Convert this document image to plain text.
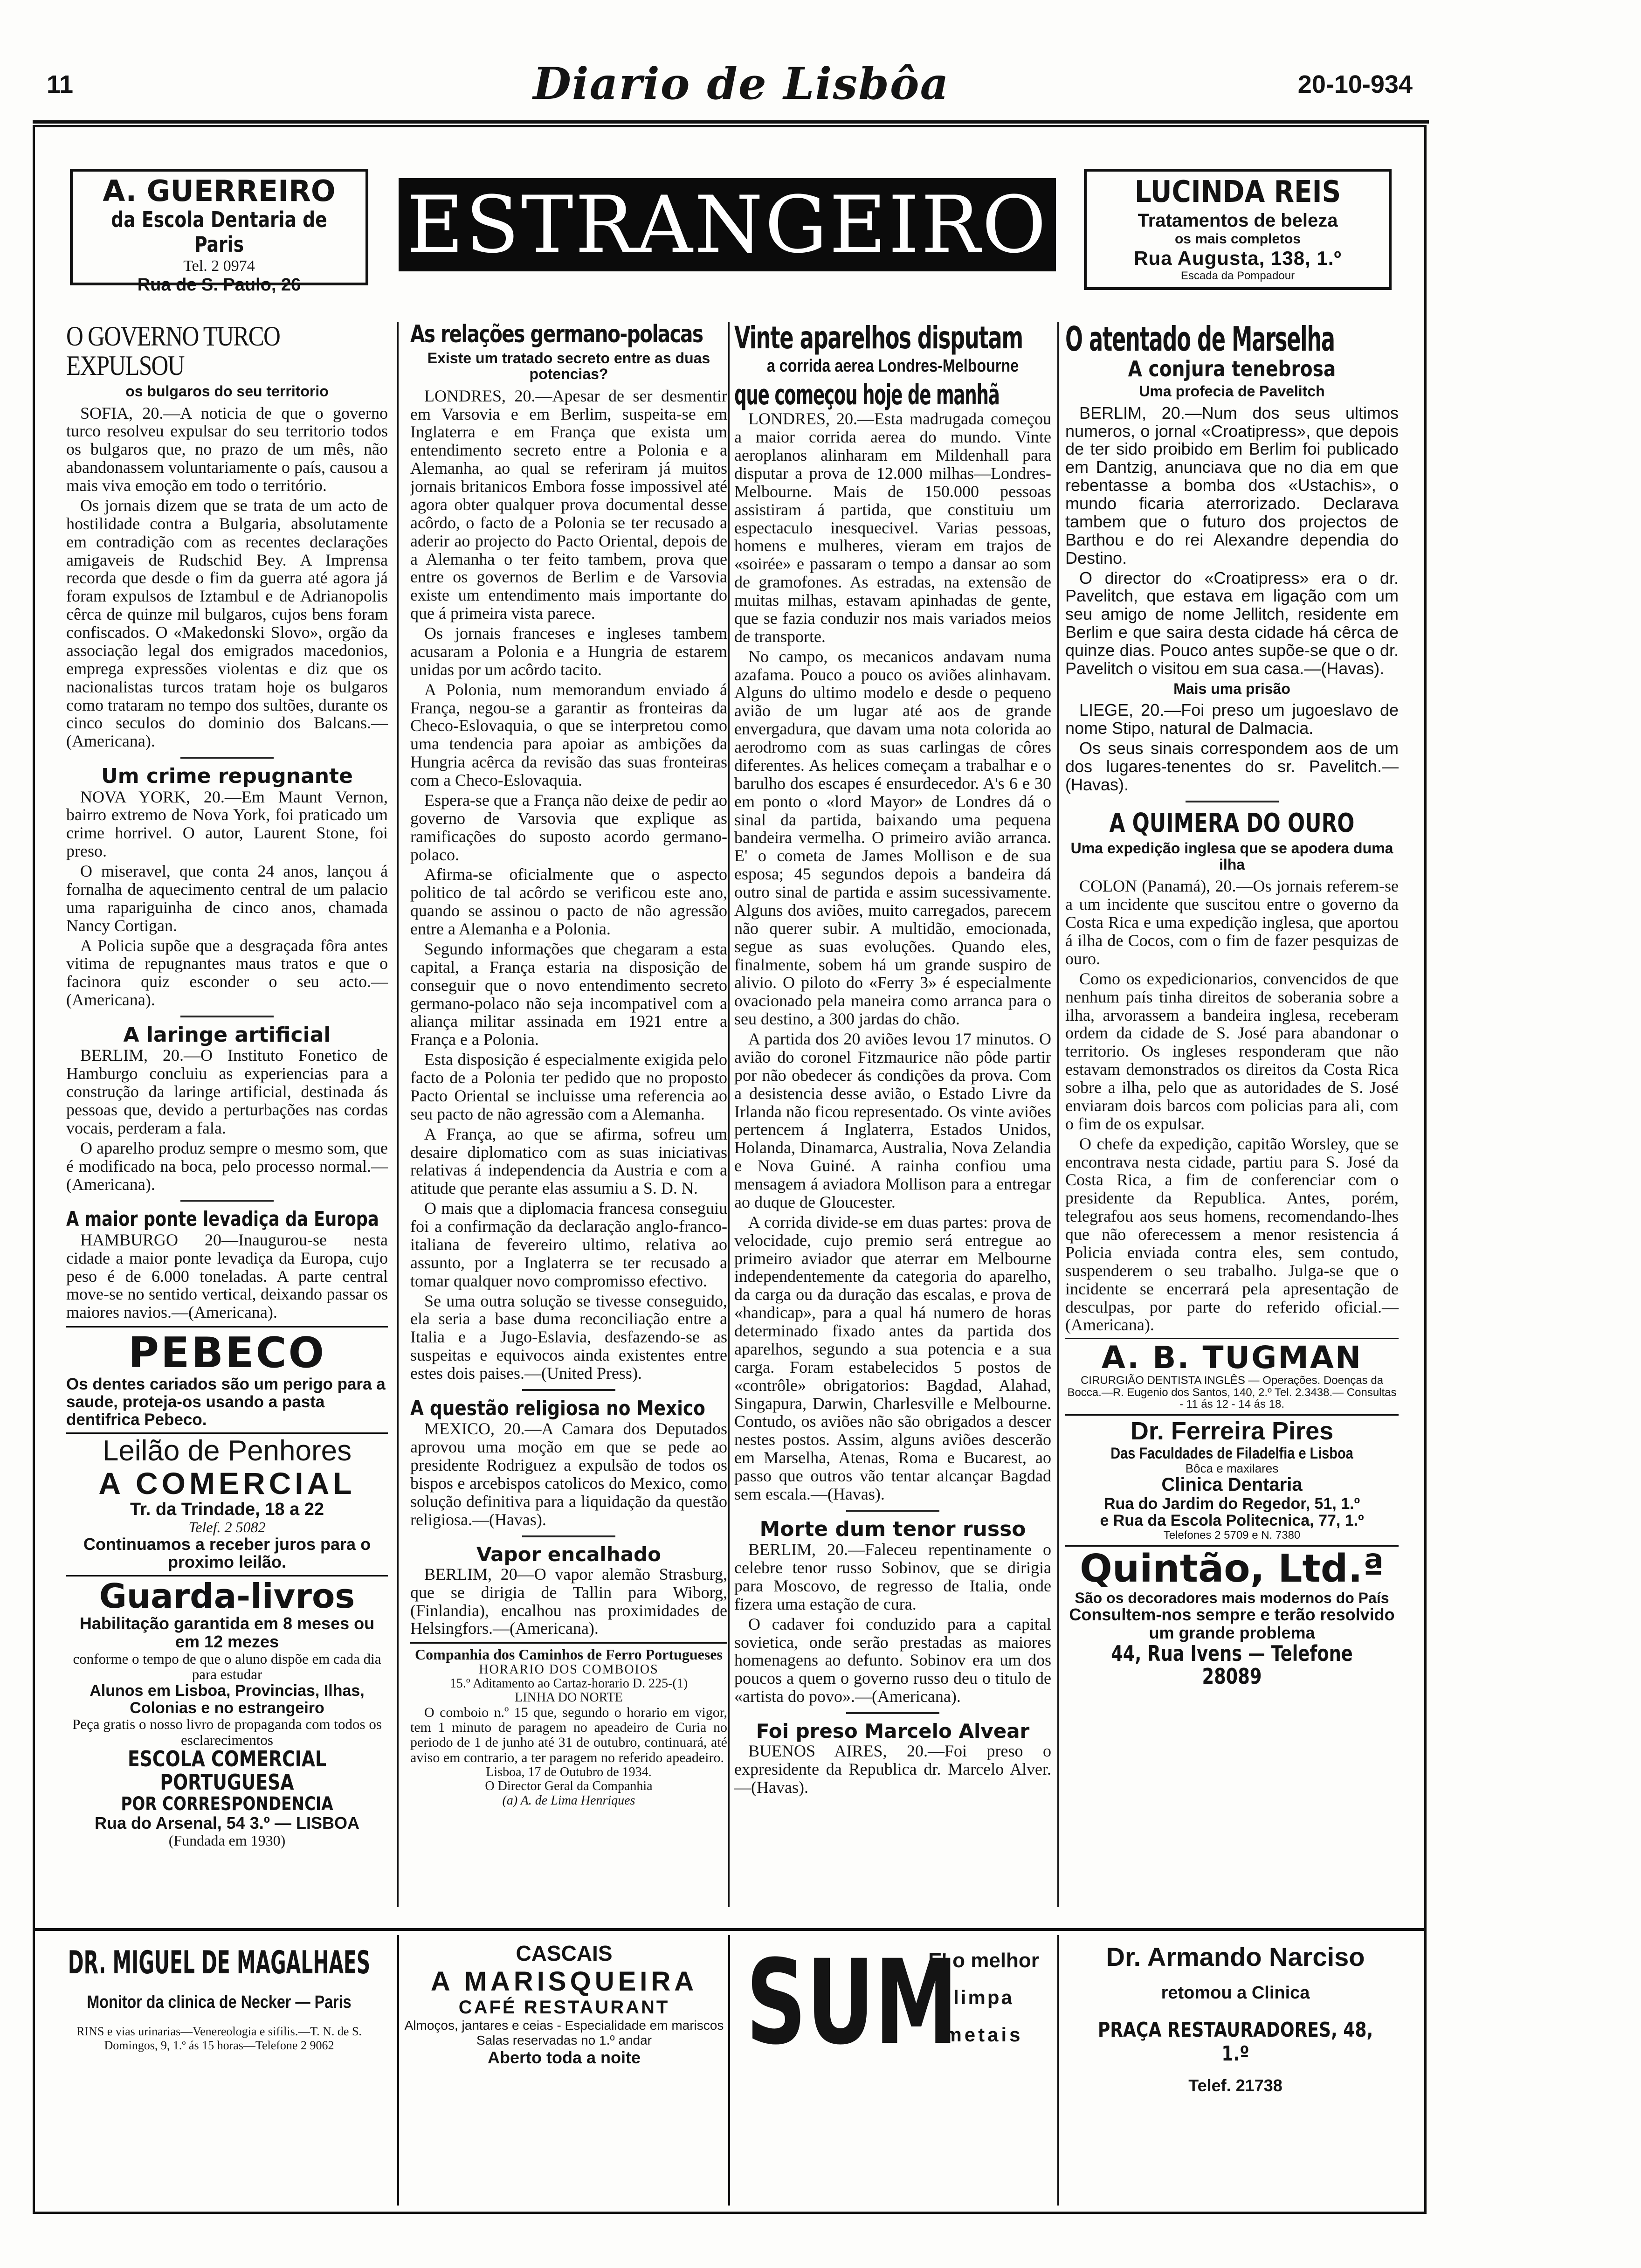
11	Diario de Lisbôa	20-10-934
A. GUERREIRO
da Escola Dentaria de Paris
Tel. 2 0974
Rua de S. Paulo, 26
ESTRANGEIRO	LUCINDA REIS
Tratamentos de beleza
os mais completos
Rua Augusta, 138, 1.º
Escada da Pompadour
O GOVERNO TURCO EXPULSOU
os bulgaros do seu territorio
SOFIA, 20.—A noticia de que o governo turco resolveu expulsar do seu territorio todos os bulgaros que, no prazo de um mês, não abandonassem voluntariamente o país, causou a mais viva emoção em todo o território.
Os jornais dizem que se trata de um acto de hostilidade contra a Bulgaria, absolutamente em contradição com as recentes declarações amigaveis de Rudschid Bey. A Imprensa recorda que desde o fim da guerra até agora já foram expulsos de Iztambul e de Adrianopolis cêrca de quinze mil bulgaros, cujos bens foram confiscados. O «Makedonski Slovo», orgão da associação legal dos emigrados macedonios, emprega expressões violentas e diz que os nacionalistas turcos tratam hoje os bulgaros como trataram no tempo dos sultões, durante os cinco seculos do dominio dos Balcans.—(Americana).
Um crime repugnante
NOVA YORK, 20.—Em Maunt Vernon, bairro extremo de Nova York, foi praticado um crime horrivel. O autor, Laurent Stone, foi preso.
O miseravel, que conta 24 anos, lançou á fornalha de aquecimento central de um palacio uma rapariguinha de cinco anos, chamada Nancy Cortigan.
A Policia supõe que a desgraçada fôra antes vitima de repugnantes maus tratos e que o facinora quiz esconder o seu acto.—(Americana).
A laringe artificial
BERLIM, 20.—O Instituto Fonetico de Hamburgo concluiu as experiencias para a construção da laringe artificial, destinada ás pessoas que, devido a perturbações nas cordas vocais, perderam a fala.
O aparelho produz sempre o mesmo som, que é modificado na boca, pelo processo normal.—(Americana).
A maior ponte levadiça da Europa
HAMBURGO 20—Inaugurou-se nesta cidade a maior ponte levadiça da Europa, cujo peso é de 6.000 toneladas. A parte central move-se no sentido vertical, deixando passar os maiores navios.—(Americana).
PEBECO
Os dentes cariados são um perigo para a saude, proteja-os usando a pasta dentifrica Pebeco.
Leilão de Penhores
A COMERCIAL
Tr. da Trindade, 18 a 22
Telef. 2 5082
Continuamos a receber juros para o proximo leilão.
Guarda-livros
Habilitação garantida em 8 meses ou em 12 mezes
conforme o tempo de que o aluno dispõe em cada dia para estudar
Alunos em Lisboa, Provincias, Ilhas, Colonias e no estrangeiro
Peça gratis o nosso livro de propaganda com todos os esclarecimentos
ESCOLA COMERCIAL PORTUGUESA
POR CORRESPONDENCIA
Rua do Arsenal, 54 3.º — LISBOA
(Fundada em 1930)
As relações germano-polacas
Existe um tratado secreto entre as duas potencias?
LONDRES, 20.—Apesar de ser desmentir em Varsovia e em Berlim, suspeita-se em Inglaterra e em França que exista um entendimento secreto entre a Polonia e a Alemanha, ao qual se referiram já muitos jornais britanicos Embora fosse impossivel até agora obter qualquer prova documental desse acôrdo, o facto de a Polonia se ter recusado a aderir ao projecto do Pacto Oriental, depois de a Alemanha o ter feito tambem, prova que entre os governos de Berlim e de Varsovia existe um entendimento mais importante do que á primeira vista parece.
Os jornais franceses e ingleses tambem acusaram a Polonia e a Hungria de estarem unidas por um acôrdo tacito.
A Polonia, num memorandum enviado á França, negou-se a garantir as fronteiras da Checo-Eslovaquia, o que se interpretou como uma tendencia para apoiar as ambições da Hungria acêrca da revisão das suas fronteiras com a Checo-Eslovaquia.
Espera-se que a França não deixe de pedir ao governo de Varsovia que explique as ramificações do suposto acordo germano-polaco.
Afirma-se oficialmente que o aspecto politico de tal acôrdo se verificou este ano, quando se assinou o pacto de não agressão entre a Alemanha e a Polonia.
Segundo informações que chegaram a esta capital, a França estaria na disposição de conseguir que o novo entendimento secreto germano-polaco não seja incompativel com a aliança militar assinada em 1921 entre a França e a Polonia.
Esta disposição é especialmente exigida pelo facto de a Polonia ter pedido que no proposto Pacto Oriental se incluisse uma referencia ao seu pacto de não agressão com a Alemanha.
A França, ao que se afirma, sofreu um desaire diplomatico com as suas iniciativas relativas á independencia da Austria e com a atitude que perante elas assumiu a S. D. N.
O mais que a diplomacia francesa conseguiu foi a confirmação da declaração anglo-franco-italiana de fevereiro ultimo, relativa ao assunto, por a Inglaterra se ter recusado a tomar qualquer novo compromisso efectivo.
Se uma outra solução se tivesse conseguido, ela seria a base duma reconciliação entre a Italia e a Jugo-Eslavia, desfazendo-se as suspeitas e equivocos ainda existentes entre estes dois paises.—(United Press).
A questão religiosa no Mexico
MEXICO, 20.—A Camara dos Deputados aprovou uma moção em que se pede ao presidente Rodriguez a expulsão de todos os bispos e arcebispos catolicos do Mexico, como solução definitiva para a liquidação da questão religiosa.—(Havas).
Vapor encalhado
BERLIM, 20—O vapor alemão Strasburg, que se dirigia de Tallin para Wiborg, (Finlandia), encalhou nas proximidades de Helsingfors.—(Americana).
Companhia dos Caminhos de Ferro Portugueses
HORARIO DOS COMBOIOS
15.º Aditamento ao Cartaz-horario D. 225-(1)
LINHA DO NORTE
O comboio n.º 15 que, segundo o horario em vigor, tem 1 minuto de paragem no apeadeiro de Curia no periodo de 1 de junho até 31 de outubro, continuará, até aviso em contrario, a ter paragem no referido apeadeiro.
Lisboa, 17 de Outubro de 1934.
O Director Geral da Companhia
(a) A. de Lima Henriques
Vinte aparelhos disputam
a corrida aerea Londres-Melbourne
que começou hoje de manhã
LONDRES, 20.—Esta madrugada começou a maior corrida aerea do mundo. Vinte aeroplanos alinharam em Mildenhall para disputar a prova de 12.000 milhas—Londres-Melbourne. Mais de 150.000 pessoas assistiram á partida, que constituiu um espectaculo inesquecivel. Varias pessoas, homens e mulheres, vieram em trajos de «soirée» e passaram o tempo a dansar ao som de gramofones. As estradas, na extensão de muitas milhas, estavam apinhadas de gente, que se fazia conduzir nos mais variados meios de transporte.
No campo, os mecanicos andavam numa azafama. Pouco a pouco os aviões alinhavam. Alguns do ultimo modelo e desde o pequeno avião de um lugar até aos de grande envergadura, que davam uma nota colorida ao aerodromo com as suas carlingas de côres diferentes. As helices começam a trabalhar e o barulho dos escapes é ensurdecedor. A's 6 e 30 em ponto o «lord Mayor» de Londres dá o sinal da partida, baixando uma pequena bandeira vermelha. O primeiro avião arranca. E' o cometa de James Mollison e de sua esposa; 45 segundos depois a bandeira dá outro sinal de partida e assim sucessivamente. Alguns dos aviões, muito carregados, parecem não querer subir. A multidão, emocionada, segue as suas evoluções. Quando eles, finalmente, sobem há um grande suspiro de alivio. O piloto do «Ferry 3» é especialmente ovacionado pela maneira como arranca para o seu destino, a 300 jardas do chão.
A partida dos 20 aviões levou 17 minutos. O avião do coronel Fitzmaurice não pôde partir por não obedecer ás condições da prova. Com a desistencia desse avião, o Estado Livre da Irlanda não ficou representado. Os vinte aviões pertencem á Inglaterra, Estados Unidos, Holanda, Dinamarca, Australia, Nova Zelandia e Nova Guiné. A rainha confiou uma mensagem á aviadora Mollison para a entregar ao duque de Gloucester.
A corrida divide-se em duas partes: prova de velocidade, cujo premio será entregue ao primeiro aviador que aterrar em Melbourne independentemente da categoria do aparelho, da carga ou da duração das escalas, e prova de «handicap», para a qual há numero de horas determinado fixado antes da partida dos aparelhos, segundo a sua potencia e a sua carga. Foram estabelecidos 5 postos de «contrôle» obrigatorios: Bagdad, Alahad, Singapura, Darwin, Charlesville e Melbourne. Contudo, os aviões não são obrigados a descer nestes postos. Assim, alguns aviões descerão em Marselha, Atenas, Roma e Bucarest, ao passo que outros vão tentar alcançar Bagdad sem escala.—(Havas).
Morte dum tenor russo
BERLIM, 20.—Faleceu repentinamente o celebre tenor russo Sobinov, que se dirigia para Moscovo, de regresso de Italia, onde fizera uma estação de cura.
O cadaver foi conduzido para a capital sovietica, onde serão prestadas as maiores homenagens ao defunto. Sobinov era um dos poucos a quem o governo russo deu o titulo de «artista do povo».—(Americana).
Foi preso Marcelo Alvear
BUENOS AIRES, 20.—Foi preso o expresidente da Republica dr. Marcelo Alver.—(Havas).
O atentado de Marselha
A conjura tenebrosa
Uma profecia de Pavelitch
BERLIM, 20.—Num dos seus ultimos numeros, o jornal «Croatipress», que depois de ter sido proibido em Berlim foi publicado em Dantzig, anunciava que no dia em que rebentasse a bomba dos «Ustachis», o mundo ficaria aterrorizado. Declarava tambem que o futuro dos projectos de Barthou e do rei Alexandre dependia do Destino.
O director do «Croatipress» era o dr. Pavelitch, que estava em ligação com um seu amigo de nome Jellitch, residente em Berlim e que saira desta cidade há cêrca de quinze dias. Pouco antes supõe-se que o dr. Pavelitch o visitou em sua casa.—(Havas).
Mais uma prisão
LIEGE, 20.—Foi preso um jugoeslavo de nome Stipo, natural de Dalmacia.
Os seus sinais correspondem aos de um dos lugares-tenentes do sr. Pavelitch.—(Havas).
A QUIMERA DO OURO
Uma expedição inglesa que se apodera duma ilha
COLON (Panamá), 20.—Os jornais referem-se a um incidente que suscitou entre o governo da Costa Rica e uma expedição inglesa, que aportou á ilha de Cocos, com o fim de fazer pesquizas de ouro.
Como os expedicionarios, convencidos de que nenhum país tinha direitos de soberania sobre a ilha, arvorassem a bandeira inglesa, receberam ordem da cidade de S. José para abandonar o territorio. Os ingleses responderam que não estavam demonstrados os direitos da Costa Rica sobre a ilha, pelo que as autoridades de S. José enviaram dois barcos com policias para ali, com o fim de os expulsar.
O chefe da expedição, capitão Worsley, que se encontrava nesta cidade, partiu para S. José da Costa Rica, a fim de conferenciar com o presidente da Republica. Antes, porém, telegrafou aos seus homens, recomendando-lhes que não oferecessem a menor resistencia á Policia enviada contra eles, sem contudo, suspenderem o seu trabalho. Julga-se que o incidente se encerrará pela apresentação de desculpas, por parte do referido oficial.—(Americana).
A. B. TUGMAN
CIRURGIÃO DENTISTA INGLÊS — Operações. Doenças da Bocca.—R. Eugenio dos Santos, 140, 2.º Tel. 2.3438.— Consultas - 11 ás 12 - 14 ás 18.
Dr. Ferreira Pires
Das Faculdades de Filadelfia e Lisboa
Bôca e maxilares
Clinica Dentaria
Rua do Jardim do Regedor, 51, 1.º
e Rua da Escola Politecnica, 77, 1.º
Telefones 2 5709 e N. 7380
Quintão, Ltd.ª
São os decoradores mais modernos do País
Consultem-nos sempre e terão resolvido um grande problema
44, Rua Ivens — Telefone 28089
DR. MIGUEL DE MAGALHAES
Monitor da clinica de Necker — Paris
RINS e vias urinarias—Venereologia e sifilis.—T. N. de S. Domingos, 9, 1.º ás 15 horas—Telefone 2 9062
CASCAIS
A MARISQUEIRA
CAFÉ RESTAURANT
Almoços, jantares e ceias - Especialidade em mariscos
Salas reservadas no 1.º andar
Aberto toda a noite SUM
E' o melhor
limpa
metais
Dr. Armando Narciso
retomou a Clinica
PRAÇA RESTAURADORES, 48, 1.º
Telef. 21738
